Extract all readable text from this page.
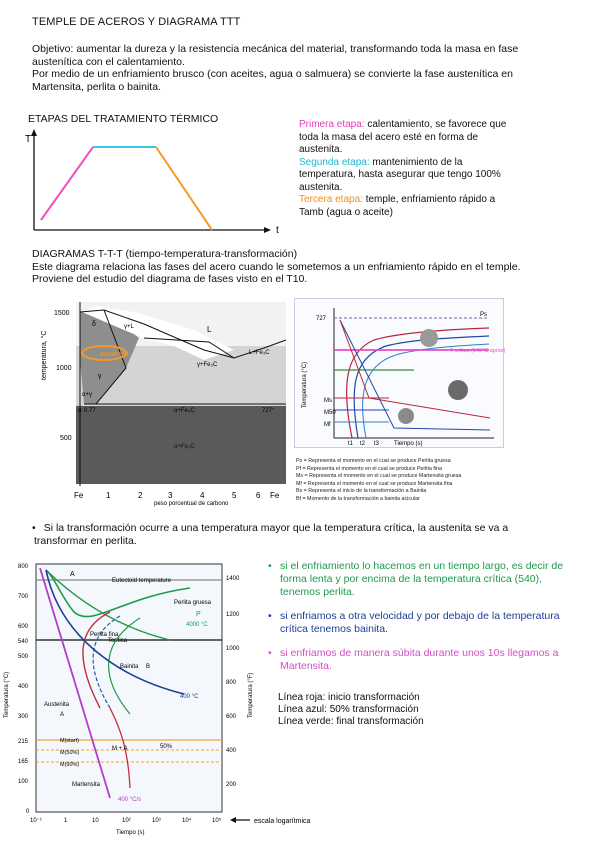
TEMPLE DE ACEROS Y DIAGRAMA TTT
Objetivo: aumentar la dureza y la resistencia mecánica del material, transformando toda la masa en fase
austenítica con el calentamiento.
Por medio de un enfriamiento brusco (con aceites, agua o salmuera) se convierte la fase austenítica en
Martensita, perlita o bainita.
ETAPAS DEL TRATAMIENTO TÉRMICO
T
t
Primera etapa: calentamiento, se favorece que
toda la masa del acero esté en forma de
austenita.
Segunda etapa: mantenimiento de la
temperatura, hasta asegurar que tengo 100%
austenita.
Tercera etapa: temple, enfriamiento rápido a
Tamb (agua o aceite)
DIAGRAMAS T-T-T (tiempo-temperatura-transformación)
Este diagrama relaciona las fases del acero cuando le sometemos a un enfriamiento rápido en el temple.
Proviene del estudio del diagrama de fases visto en el T10.
austenita
L
γ+L
δ
γ
γ+Fe₃C
α+γ
α+Fe₃C
α+Fe₃C
L+Fe₃C
727°
0.77
α
1500
1000
500
temperatura, °C
Fe	1	2	3	4	5 6 Fe
peso porcentual de carbono
727
Ps
T crítica (540°C aprox)
Ms
M50
Mf
t1 t2 t3 Tiempo (s)
Temperatura (°C)
Ps = Representa el momento en el cual se produce Perlita gruesa
Pf = Representa el momento en el cual se produce Perlita fina
Ms = Representa el momento en el cual se produce Martensita gruesa
Mf = Representa el momento en el cual se produce Martensita fina
Bs = Representa el inicio de la transformación a Bainita
Bf = Momento de la transformación a bainita acicular
• Si la transformación ocurre a una temperatura mayor que la temperatura crítica, la austenita se va a
transformar en perlita.
Eutectoid temperature
Tcrítica
A
Perlita gruesa
Perlita fina
Bainita B
Austenita
A
M(start)
M(50%)
M(90%)
M + A	50%
Martensita
P
4000 °C
400 °C
400 °C/s
800
700
600
540
500
400
300
215
165
100
0
1400
1200
1000
800
600
400
200
Temperatura (°C)	Temperatura (°F)
10⁻¹	1	10	10²	10³	10⁴	10⁵
Tiempo (s)
escala logarítmica
• si el enfriamiento lo hacemos en un tiempo largo, es decir de forma lenta y por encima de la temperatura crítica (540), tenemos perlita.
• si enfriamos a otra velocidad y por debajo de la temperatura crítica tenemos bainita.
• si enfriamos de manera súbita durante unos 10s llegamos a Martensita.
Línea roja: inicio transformación
Línea azul: 50% transformación
Línea verde: final transformación
